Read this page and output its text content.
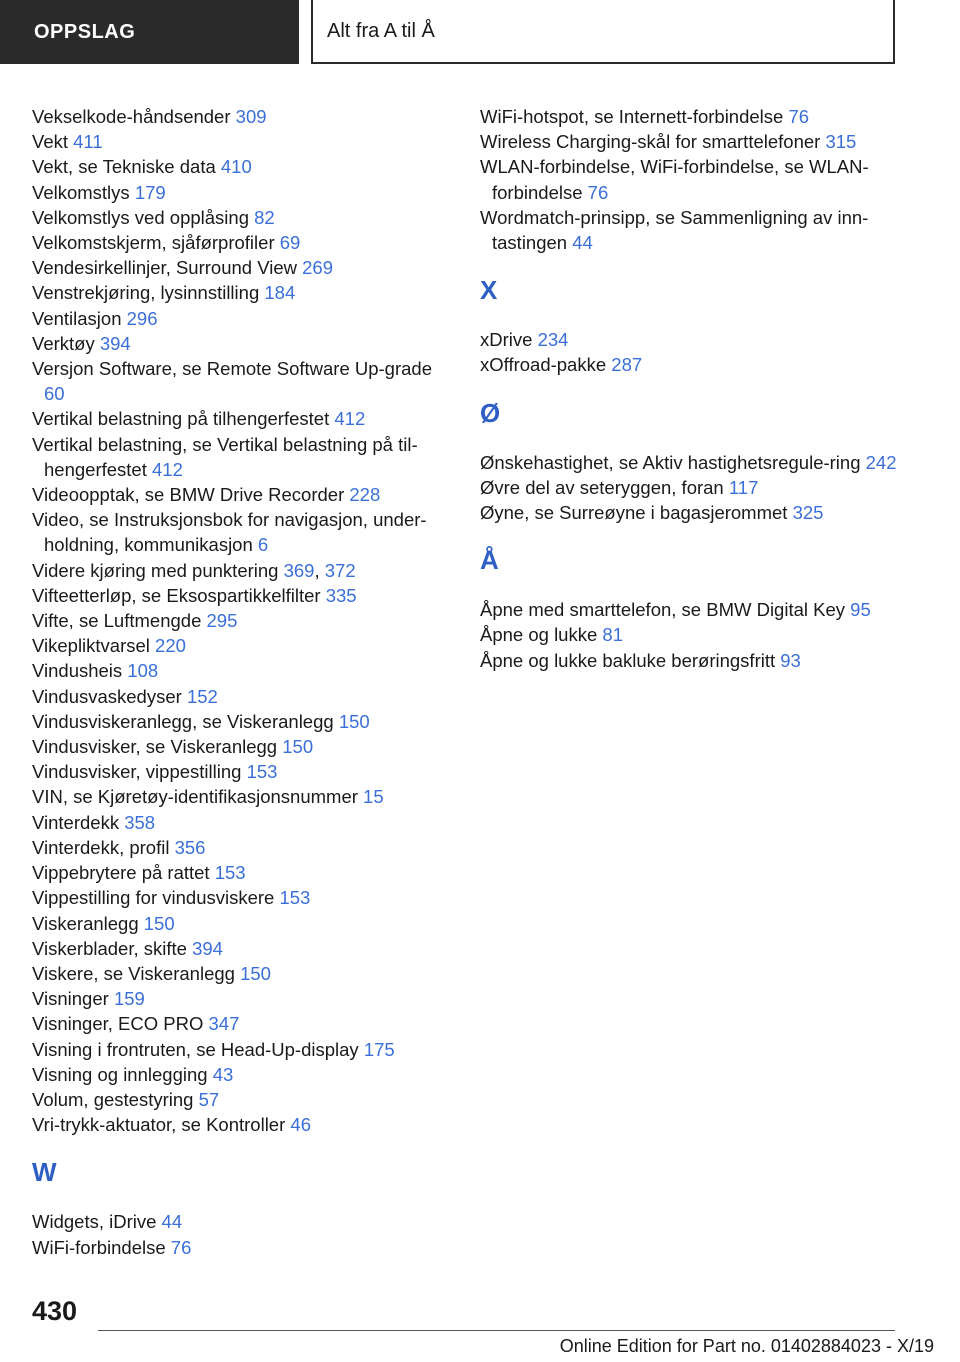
OPPSLAG	Alt fra A til Å
Vekselkode-håndsender 309
Vekt 411
Vekt, se Tekniske data 410
Velkomstlys 179
Velkomstlys ved opplåsing 82
Velkomstskjerm, sjåførprofiler 69
Vendesirkellinjer, Surround View 269
Venstrekjøring, lysinnstilling 184
Ventilasjon 296
Verktøy 394
Versjon Software, se Remote Software Up‐grade 60
Vertikal belastning på tilhengerfestet 412
Vertikal belastning, se Vertikal belastning på til‐hengerfestet 412
Videoopptak, se BMW Drive Recorder 228
Video, se Instruksjonsbok for navigasjon, under‐holdning, kommunikasjon 6
Videre kjøring med punktering 369, 372
Vifteetterløp, se Eksospartikkelfilter 335
Vifte, se Luftmengde 295
Vikepliktvarsel 220
Vindusheis 108
Vindusvaskedyser 152
Vindusviskeranlegg, se Viskeranlegg 150
Vindusvisker, se Viskeranlegg 150
Vindusvisker, vippestilling 153
VIN, se Kjøretøy-identifikasjonsnummer 15
Vinterdekk 358
Vinterdekk, profil 356
Vippebrytere på rattet 153
Vippestilling for vindusviskere 153
Viskeranlegg 150
Viskerblader, skifte 394
Viskere, se Viskeranlegg 150
Visninger 159
Visninger, ECO PRO 347
Visning i frontruten, se Head-Up-display 175
Visning og innlegging 43
Volum, gestestyring 57
Vri-trykk-aktuator, se Kontroller 46
W
Widgets, iDrive 44
WiFi-forbindelse 76
WiFi-hotspot, se Internett-forbindelse 76
Wireless Charging-skål for smarttelefoner 315
WLAN-forbindelse, WiFi-forbindelse, se WLAN-forbindelse 76
Wordmatch-prinsipp, se Sammenligning av inn‐tastingen 44
X
xDrive 234
xOffroad-pakke 287
Ø
Ønskehastighet, se Aktiv hastighetsregule‐ring 242
Øvre del av seteryggen, foran 117
Øyne, se Surreøyne i bagasjerommet 325
Å
Åpne med smarttelefon, se BMW Digital Key 95
Åpne og lukke 81
Åpne og lukke bakluke berøringsfritt 93
430
Online Edition for Part no. 01402884023 - X/19
